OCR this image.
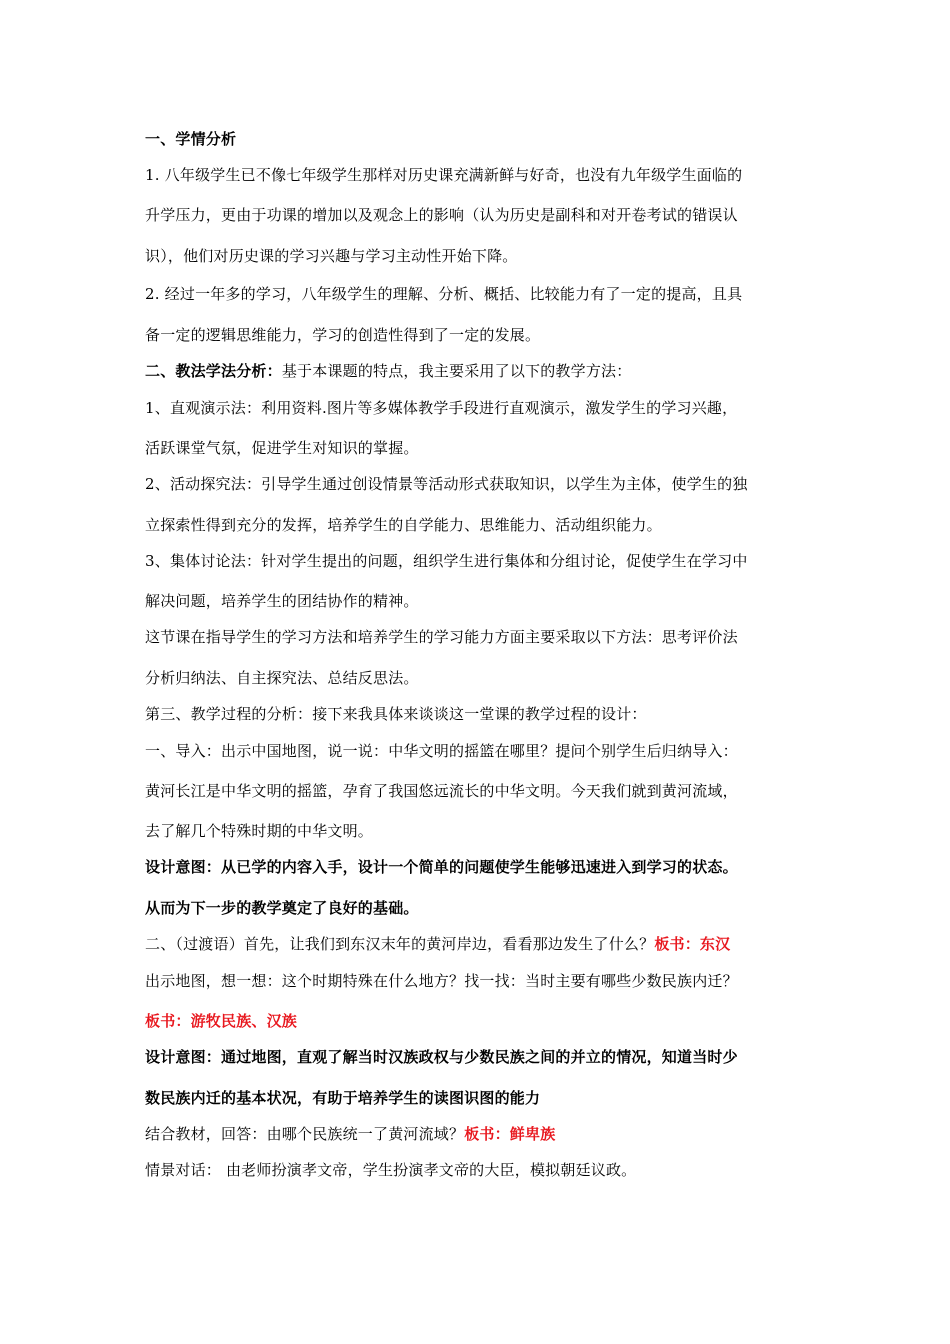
一、学情分析
1. 八年级学生已不像七年级学生那样对历史课充满新鲜与好奇，也没有九年级学生面临的
升学压力，更由于功课的增加以及观念上的影响（认为历史是副科和对开卷考试的错误认
识），他们对历史课的学习兴趣与学习主动性开始下降。
2. 经过一年多的学习，八年级学生的理解、分析、概括、比较能力有了一定的提高，且具
备一定的逻辑思维能力，学习的创造性得到了一定的发展。
二、教法学法分析：基于本课题的特点，我主要采用了以下的教学方法：
1、直观演示法：利用资料.图片等多媒体教学手段进行直观演示，激发学生的学习兴趣，
活跃课堂气氛，促进学生对知识的掌握。
2、活动探究法：引导学生通过创设情景等活动形式获取知识，以学生为主体，使学生的独
立探索性得到充分的发挥，培养学生的自学能力、思维能力、活动组织能力。
3、集体讨论法：针对学生提出的问题，组织学生进行集体和分组讨论，促使学生在学习中
解决问题，培养学生的团结协作的精神。
这节课在指导学生的学习方法和培养学生的学习能力方面主要采取以下方法：思考评价法
分析归纳法、自主探究法、总结反思法。
第三、教学过程的分析：接下来我具体来谈谈这一堂课的教学过程的设计：
一、导入：出示中国地图，说一说：中华文明的摇篮在哪里？提问个别学生后归纳导入：
黄河长江是中华文明的摇篮，孕育了我国悠远流长的中华文明。今天我们就到黄河流域，
去了解几个特殊时期的中华文明。
设计意图：从已学的内容入手，设计一个简单的问题使学生能够迅速进入到学习的状态。
从而为下一步的教学奠定了良好的基础。
二、（过渡语）首先，让我们到东汉末年的黄河岸边，看看那边发生了什么？板书：东汉
出示地图，想一想：这个时期特殊在什么地方？找一找：当时主要有哪些少数民族内迁？
板书：游牧民族、汉族
设计意图：通过地图，直观了解当时汉族政权与少数民族之间的并立的情况，知道当时少
数民族内迁的基本状况，有助于培养学生的读图识图的能力
结合教材，回答：由哪个民族统一了黄河流域？板书：鲜卑族
情景对话： 由老师扮演孝文帝，学生扮演孝文帝的大臣，模拟朝廷议政。
